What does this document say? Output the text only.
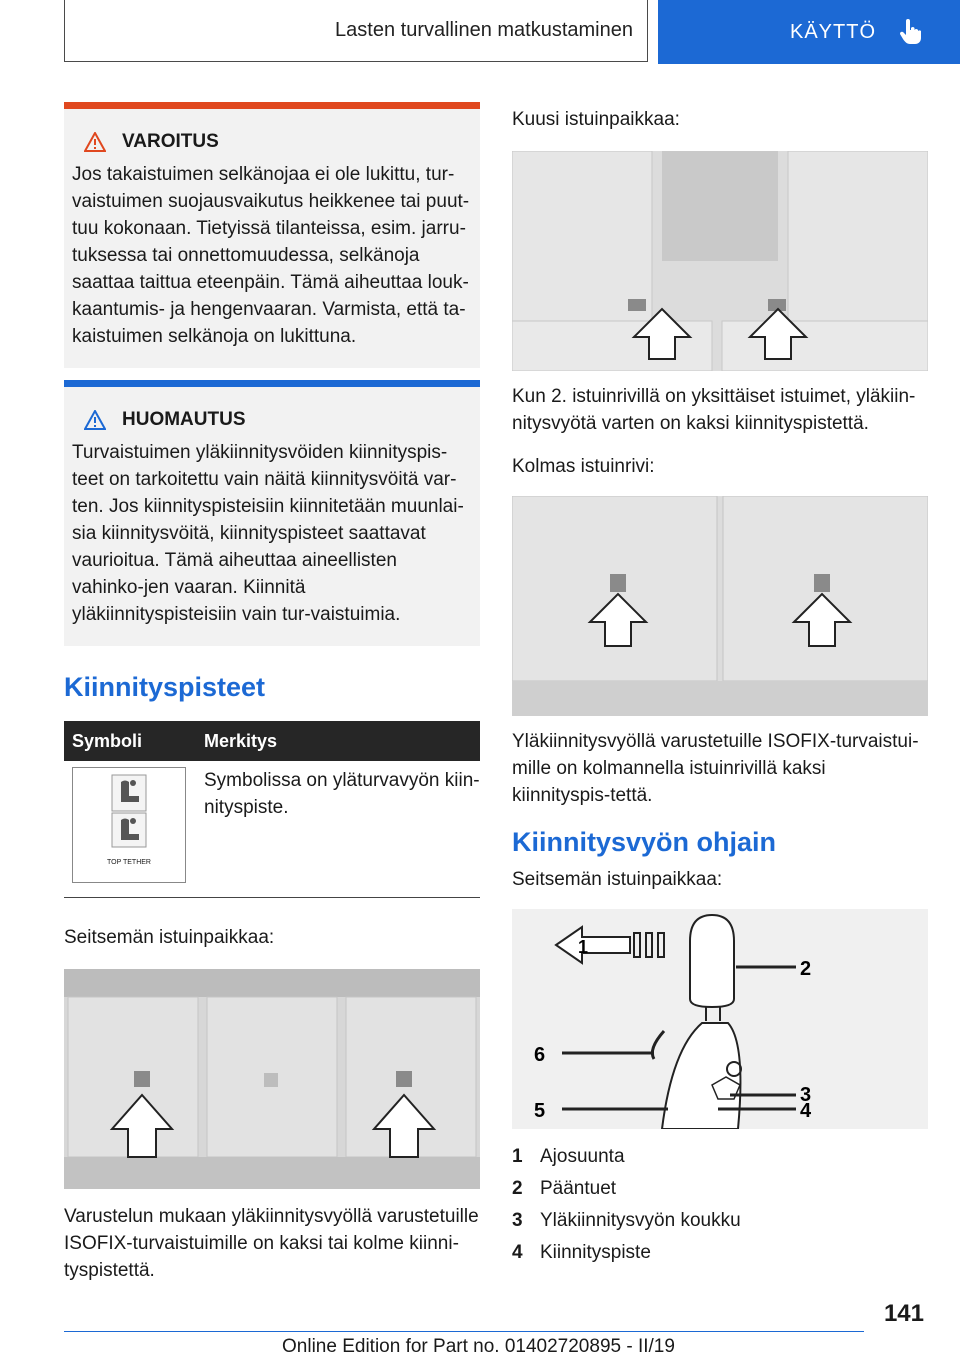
Lasten turvallinen matkustaminen	KÄYTTÖ
VAROITUS
Jos takaistuimen selkänojaa ei ole lukittu, tur‐vaistuimen suojausvaikutus heikkenee tai puut‐tuu kokonaan. Tietyissä tilanteissa, esim. jarru‐tuksessa tai onnettomuudessa, selkänoja saattaa taittua eteenpäin. Tämä aiheuttaa louk‐kaantumis- ja hengenvaaran. Varmista, että ta‐kaistuimen selkänoja on lukittuna.
HUOMAUTUS
Turvaistuimen yläkiinnitysvöiden kiinnityspis‐teet on tarkoitettu vain näitä kiinnitysvöitä var‐ten. Jos kiinnityspisteisiin kiinnitetään muunlai‐sia kiinnitysvöitä, kiinnityspisteet saattavat vaurioitua. Tämä aiheuttaa aineellisten vahinko‐jen vaaran. Kiinnitä yläkiinnityspisteisiin vain tur‐vaistuimia.
Kiinnityspisteet
Symboli	Merkitys

TOP TETHER	Symbolissa on yläturvavyön kiin‐nityspiste.

Seitsemän istuinpaikkaa:

Varustelun mukaan yläkiinnitysvyöllä varustetuille ISOFIX-turvaistuimille on kaksi tai kolme kiinni‐tyspistettä.

Kuusi istuinpaikkaa:

Kun 2. istuinrivillä on yksittäiset istuimet, yläkiin‐nitysvyötä varten on kaksi kiinnityspistettä.

Kolmas istuinrivi:

Yläkiinnitysvyöllä varustetuille ISOFIX-turvaistui‐mille on kolmannella istuinrivillä kaksi kiinnityspis‐tettä.

Kiinnitysvyön ohjain

Seitsemän istuinpaikkaa:

1
2
6
3
4
5
1 Ajosuunta
2 Pääntuet
3 Yläkiinnitysvyön koukku
4 Kiinnityspiste
141
Online Edition for Part no. 01402720895 - II/19
